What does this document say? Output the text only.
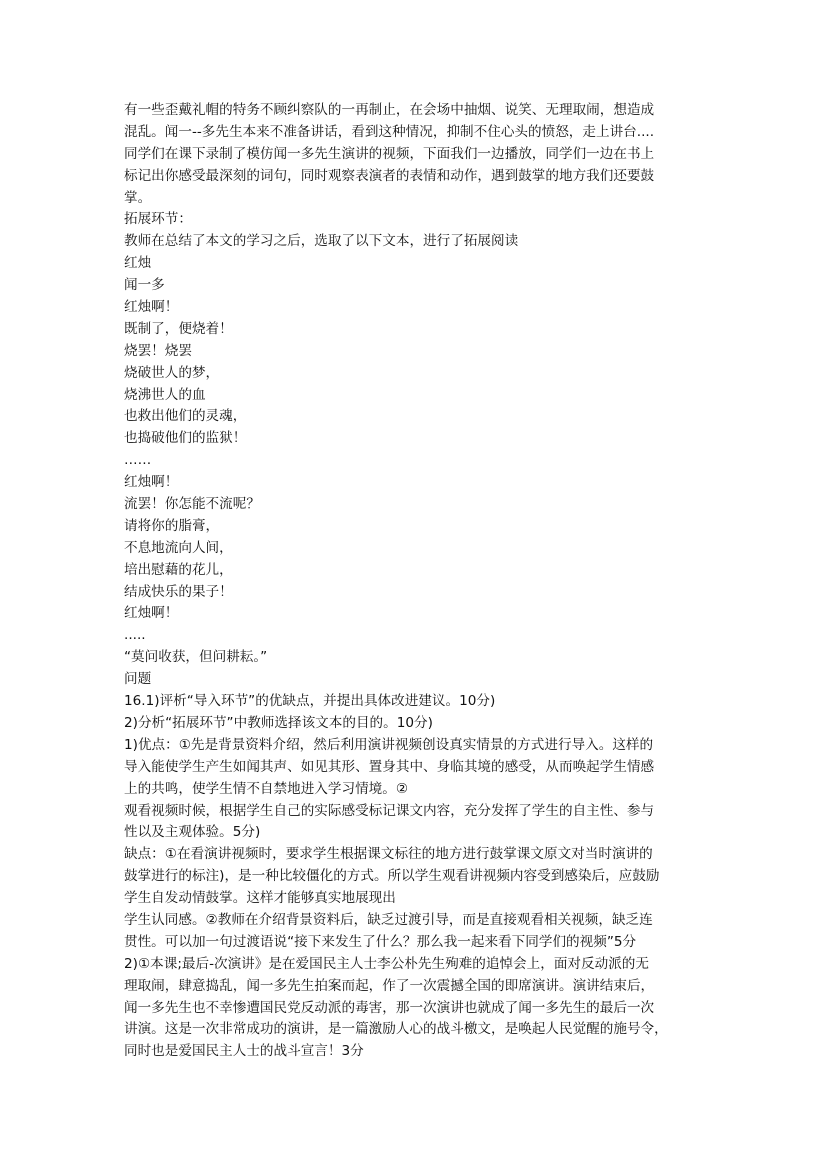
有一些歪戴礼帽的特务不顾纠察队的一再制止，在会场中抽烟、说笑、无理取闹，想造成

混乱。闻一--多先生本来不准备讲话，看到这种情况，抑制不住心头的愤怒，走上讲台....

同学们在课下录制了模仿闻一多先生演讲的视频，下面我们一边播放，同学们一边在书上

标记出你感受最深刻的词句，同时观察表演者的表情和动作，遇到鼓掌的地方我们还要鼓

掌。

拓展环节：

教师在总结了本文的学习之后，选取了以下文本，进行了拓展阅读

红烛

闻一多

红烛啊！

既制了，便烧着！

烧罢！烧罢

烧破世人的梦，

烧沸世人的血

也救出他们的灵魂，

也捣破他们的监狱！

……

红烛啊！

流罢！你怎能不流呢？

请将你的脂膏，

不息地流向人间，

培出慰藉的花儿，

结成快乐的果子！

红烛啊！

.....

“莫问收获，但问耕耘。”

问题

16.1)评析“导入环节”的优缺点，并提出具体改进建议。10分)

2)分析“拓展环节”中教师选择该文本的目的。10分)

1)优点：①先是背景资料介绍，然后利用演讲视频创设真实情景的方式进行导入。这样的

导入能使学生产生如闻其声、如见其形、置身其中、身临其境的感受，从而唤起学生情感

上的共鸣，使学生情不自禁地进入学习情境。②

观看视频时候，根据学生自己的实际感受标记课文内容，充分发挥了学生的自主性、参与

性以及主观体验。5分)

缺点：①在看演讲视频时，要求学生根据课文标往的地方进行鼓掌课文原文对当时演讲的

鼓掌进行的标注)，是一种比较僵化的方式。所以学生观看讲视频内容受到感染后，应鼓励

学生自发动情鼓掌。这样才能够真实地展现出

学生认同感。②教师在介绍背景资料后，缺乏过渡引导，而是直接观看相关视频，缺乏连

贯性。可以加一句过渡语说“接下来发生了什么？那么我一起来看下同学们的视频”5分

2)①本课;最后-次演讲》是在爱国民主人士李公朴先生殉难的追悼会上，面对反动派的无

理取闹，肆意捣乱，闻一多先生拍案而起，作了一次震撼全国的即席演讲。演讲结束后，

闻一多先生也不幸惨遭国民党反动派的毒害，那一次演讲也就成了闻一多先生的最后一次

讲演。这是一次非常成功的演讲，是一篇激励人心的战斗檄文，是唤起人民觉醒的施号令，

同时也是爱国民主人士的战斗宣言！3分
